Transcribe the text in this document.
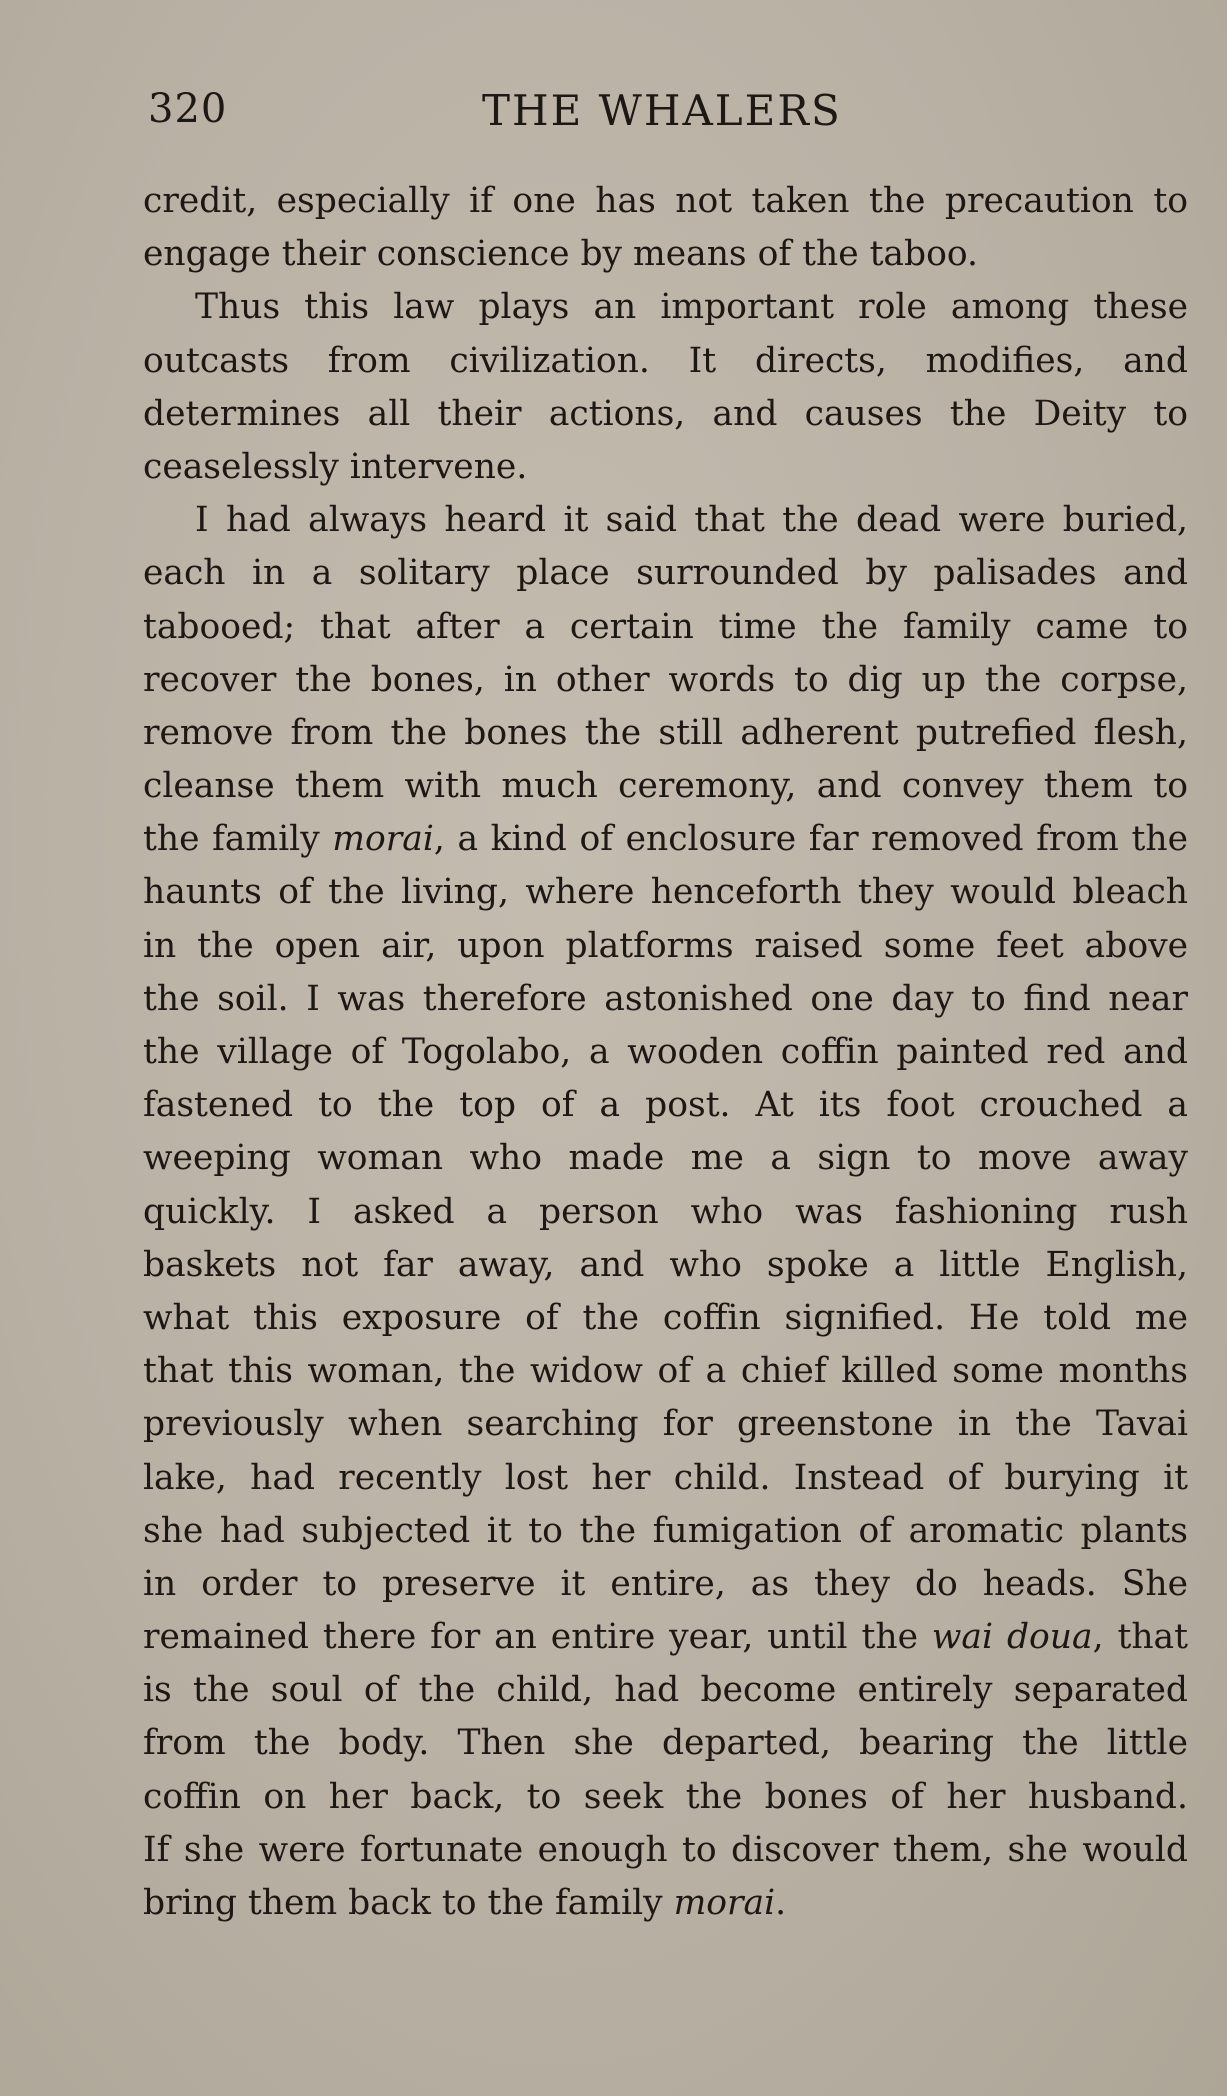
320	THE WHALERS
credit, especially if one has not taken the precaution to
engage their conscience by means of the taboo.
Thus this law plays an important role among these
outcasts from civilization. It directs, modifies, and
determines all their actions, and causes the Deity to
ceaselessly intervene.
I had always heard it said that the dead were buried,
each in a solitary place surrounded by palisades and
tabooed; that after a certain time the family came to
recover the bones, in other words to dig up the corpse,
remove from the bones the still adherent putrefied flesh,
cleanse them with much ceremony, and convey them to
the family morai, a kind of enclosure far removed from the
haunts of the living, where henceforth they would bleach
in the open air, upon platforms raised some feet above
the soil. I was therefore astonished one day to find near
the village of Togolabo, a wooden coffin painted red and
fastened to the top of a post. At its foot crouched a
weeping woman who made me a sign to move away
quickly. I asked a person who was fashioning rush
baskets not far away, and who spoke a little English,
what this exposure of the coffin signified. He told me
that this woman, the widow of a chief killed some months
previously when searching for greenstone in the Tavai
lake, had recently lost her child. Instead of burying it
she had subjected it to the fumigation of aromatic plants
in order to preserve it entire, as they do heads. She
remained there for an entire year, until the wai doua, that
is the soul of the child, had become entirely separated
from the body. Then she departed, bearing the little
coffin on her back, to seek the bones of her husband.
If she were fortunate enough to discover them, she would
bring them back to the family morai.
